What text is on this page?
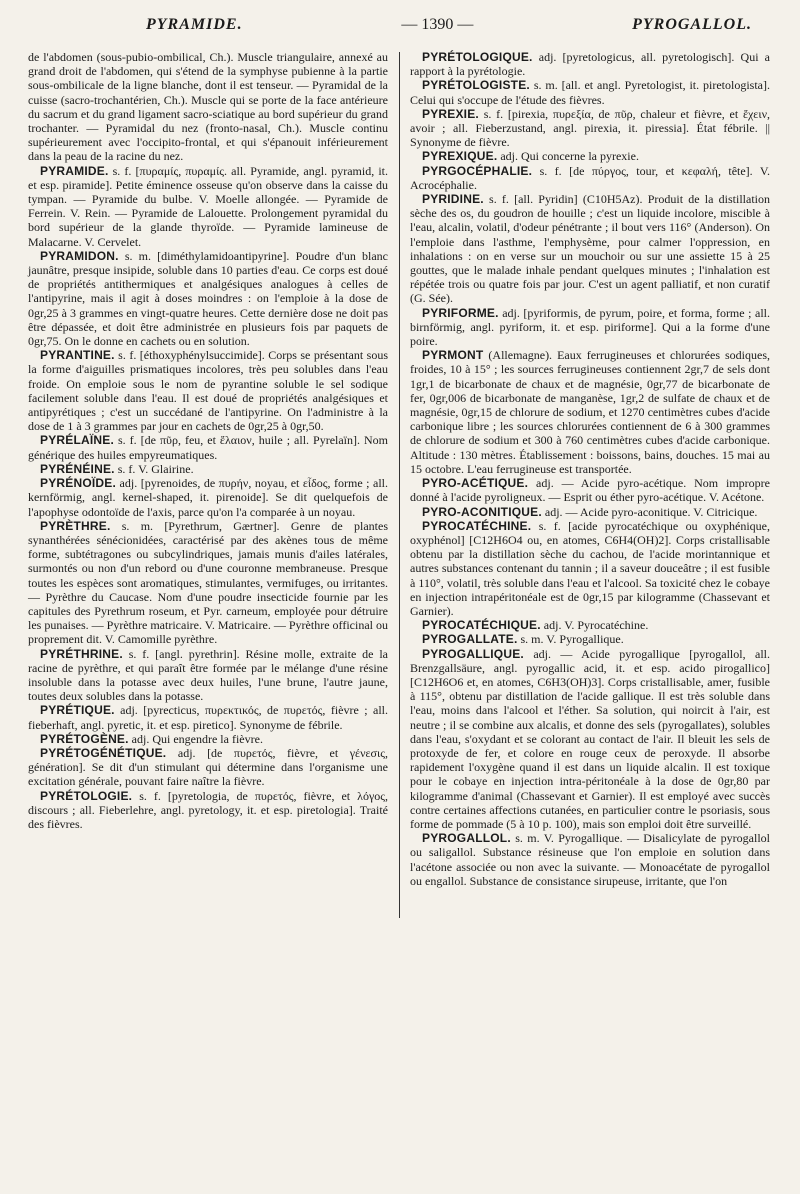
PYRAMIDE.	— 1390 —	PYROGALLOL.

de l'abdomen (sous-pubio-ombilical, Ch.). Muscle triangulaire, annexé au grand droit de l'abdomen, qui s'étend de la symphyse pubienne à la partie sous-ombilicale de la ligne blanche, dont il est tenseur. — Pyramidal de la cuisse (sacro-trochantérien, Ch.). Muscle qui se porte de la face antérieure du sacrum et du grand ligament sacro-sciatique au bord supérieur du grand trochanter. — Pyramidal du nez (fronto-nasal, Ch.). Muscle continu supérieurement avec l'occipito-frontal, et qui s'épanouit inférieurement dans la peau de la racine du nez.

PYRAMIDE. s. f. [πυραμίς, πυραμίς. all. Pyramide, angl. pyramid, it. et esp. piramide]. Petite éminence osseuse qu'on observe dans la caisse du tympan. — Pyramide du bulbe. V. Moelle allongée. — Pyramide de Ferrein. V. Rein. — Pyramide de Lalouette. Prolongement pyramidal du bord supérieur de la glande thyroïde. — Pyramide lamineuse de Malacarne. V. Cervelet.

PYRAMIDON. s. m. [diméthylamidoantipyrine]. Poudre d'un blanc jaunâtre, presque insipide, soluble dans 10 parties d'eau. Ce corps est doué de propriétés antithermiques et analgésiques analogues à celles de l'antipyrine, mais il agit à doses moindres : on l'emploie à la dose de 0gr,25 à 3 grammes en vingt-quatre heures. Cette dernière dose ne doit pas être dépassée, et doit être administrée en plusieurs fois par paquets de 0gr,75. On le donne en cachets ou en solution.

PYRANTINE. s. f. [éthoxyphénylsuccimide]. Corps se présentant sous la forme d'aiguilles prismatiques incolores, très peu solubles dans l'eau froide. On emploie sous le nom de pyrantine soluble le sel sodique facilement soluble dans l'eau. Il est doué de propriétés analgésiques et antipyrétiques ; c'est un succédané de l'antipyrine. On l'administre à la dose de 1 à 3 grammes par jour en cachets de 0gr,25 à 0gr,50.

PYRÉLAÏNE. s. f. [de πῦρ, feu, et ἔλαιον, huile ; all. Pyrelaïn]. Nom générique des huiles empyreumatiques.

PYRÉNÉINE. s. f. V. Glairine.

PYRÉNOÏDE. adj. [pyrenoides, de πυρήν, noyau, et εἶδος, forme ; all. kernförmig, angl. kernel-shaped, it. pirenoide]. Se dit quelquefois de l'apophyse odontoïde de l'axis, parce qu'on l'a comparée à un noyau.

PYRÈTHRE. s. m. [Pyrethrum, Gærtner]. Genre de plantes synanthérées sénécionidées, caractérisé par des akènes tous de même forme, subtétragones ou subcylindriques, jamais munis d'ailes latérales, surmontés ou non d'un rebord ou d'une couronne membraneuse. Presque toutes les espèces sont aromatiques, stimulantes, vermifuges, ou irritantes. — Pyrèthre du Caucase. Nom d'une poudre insecticide fournie par les capitules des Pyrethrum roseum, et Pyr. carneum, employée pour détruire les punaises. — Pyrèthre matricaire. V. Matricaire. — Pyrèthre officinal ou proprement dit. V. Camomille pyrèthre.

PYRÉTHRINE. s. f. [angl. pyrethrin]. Résine molle, extraite de la racine de pyrèthre, et qui paraît être formée par le mélange d'une résine insoluble dans la potasse avec deux huiles, l'une brune, l'autre jaune, toutes deux solubles dans la potasse.

PYRÉTIQUE. adj. [pyrecticus, πυρεκτικός, de πυρετός, fièvre ; all. fieberhaft, angl. pyretic, it. et esp. piretico]. Synonyme de fébrile.

PYRÉTOGÈNE. adj. Qui engendre la fièvre.

PYRÉTOGÉNÉTIQUE. adj. [de πυρετός, fièvre, et γένεσις, génération]. Se dit d'un stimulant qui détermine dans l'organisme une excitation générale, pouvant faire naître la fièvre.

PYRÉTOLOGIE. s. f. [pyretologia, de πυρετός, fièvre, et λόγος, discours ; all. Fieberlehre, angl. pyretology, it. et esp. piretologia]. Traité des fièvres.

PYRÉTOLOGIQUE. adj. [pyretologicus, all. pyretologisch]. Qui a rapport à la pyrétologie.

PYRÉTOLOGISTE. s. m. [all. et angl. Pyretologist, it. piretologista]. Celui qui s'occupe de l'étude des fièvres.

PYREXIE. s. f. [pirexia, πυρεξία, de πῦρ, chaleur et fièvre, et ἔχειν, avoir ; all. Fieberzustand, angl. pirexia, it. piressia]. État fébrile. || Synonyme de fièvre.

PYREXIQUE. adj. Qui concerne la pyrexie.

PYRGOCÉPHALIE. s. f. [de πύργος, tour, et κεφαλή, tête]. V. Acrocéphalie.

PYRIDINE. s. f. [all. Pyridin] (C10H5Az). Produit de la distillation sèche des os, du goudron de houille ; c'est un liquide incolore, miscible à l'eau, alcalin, volatil, d'odeur pénétrante ; il bout vers 116° (Anderson). On l'emploie dans l'asthme, l'emphysème, pour calmer l'oppression, en inhalations : on en verse sur un mouchoir ou sur une assiette 15 à 25 gouttes, que le malade inhale pendant quelques minutes ; l'inhalation est répétée trois ou quatre fois par jour. C'est un agent palliatif, et non curatif (G. Sée).

PYRIFORME. adj. [pyriformis, de pyrum, poire, et forma, forme ; all. birnförmig, angl. pyriform, it. et esp. piriforme]. Qui a la forme d'une poire.

PYRMONT (Allemagne). Eaux ferrugineuses et chlorurées sodiques, froides, 10 à 15° ; les sources ferrugineuses contiennent 2gr,7 de sels dont 1gr,1 de bicarbonate de chaux et de magnésie, 0gr,77 de bicarbonate de fer, 0gr,006 de bicarbonate de manganèse, 1gr,2 de sulfate de chaux et de magnésie, 0gr,15 de chlorure de sodium, et 1270 centimètres cubes d'acide carbonique libre ; les sources chlorurées contiennent de 6 à 300 grammes de chlorure de sodium et 300 à 760 centimètres cubes d'acide carbonique. Altitude : 130 mètres. Établissement : boissons, bains, douches. 15 mai au 15 octobre. L'eau ferrugineuse est transportée.

PYRO-ACÉTIQUE. adj. — Acide pyro-acétique. Nom impropre donné à l'acide pyroligneux. — Esprit ou éther pyro-acétique. V. Acétone.

PYRO-ACONITIQUE. adj. — Acide pyro-aconitique. V. Citricique.

PYROCATÉCHINE. s. f. [acide pyrocatéchique ou oxyphénique, oxyphénol] [C12H6O4 ou, en atomes, C6H4(OH)2]. Corps cristallisable obtenu par la distillation sèche du cachou, de l'acide morintannique et autres substances contenant du tannin ; il a saveur douceâtre ; il est fusible à 110°, volatil, très soluble dans l'eau et l'alcool. Sa toxicité chez le cobaye en injection intrapéritonéale est de 0gr,15 par kilogramme (Chassevant et Garnier).

PYROCATÉCHIQUE. adj. V. Pyrocatéchine.

PYROGALLATE. s. m. V. Pyrogallique.

PYROGALLIQUE. adj. — Acide pyrogallique [pyrogallol, all. Brenzgallsäure, angl. pyrogallic acid, it. et esp. acido pirogallico] [C12H6O6 et, en atomes, C6H3(OH)3]. Corps cristallisable, amer, fusible à 115°, obtenu par distillation de l'acide gallique. Il est très soluble dans l'eau, moins dans l'alcool et l'éther. Sa solution, qui noircit à l'air, est neutre ; il se combine aux alcalis, et donne des sels (pyrogallates), solubles dans l'eau, s'oxydant et se colorant au contact de l'air. Il bleuit les sels de protoxyde de fer, et colore en rouge ceux de peroxyde. Il absorbe rapidement l'oxygène quand il est dans un liquide alcalin. Il est toxique pour le cobaye en injection intra-péritonéale à la dose de 0gr,80 par kilogramme d'animal (Chassevant et Garnier). Il est employé avec succès contre certaines affections cutanées, en particulier contre le psoriasis, sous forme de pommade (5 à 10 p. 100), mais son emploi doit être surveillé.

PYROGALLOL. s. m. V. Pyrogallique. — Disalicylate de pyrogallol ou saligallol. Substance résineuse que l'on emploie en solution dans l'acétone associée ou non avec la suivante. — Monoacétate de pyrogallol ou engallol. Substance de consistance sirupeuse, irritante, que l'on
